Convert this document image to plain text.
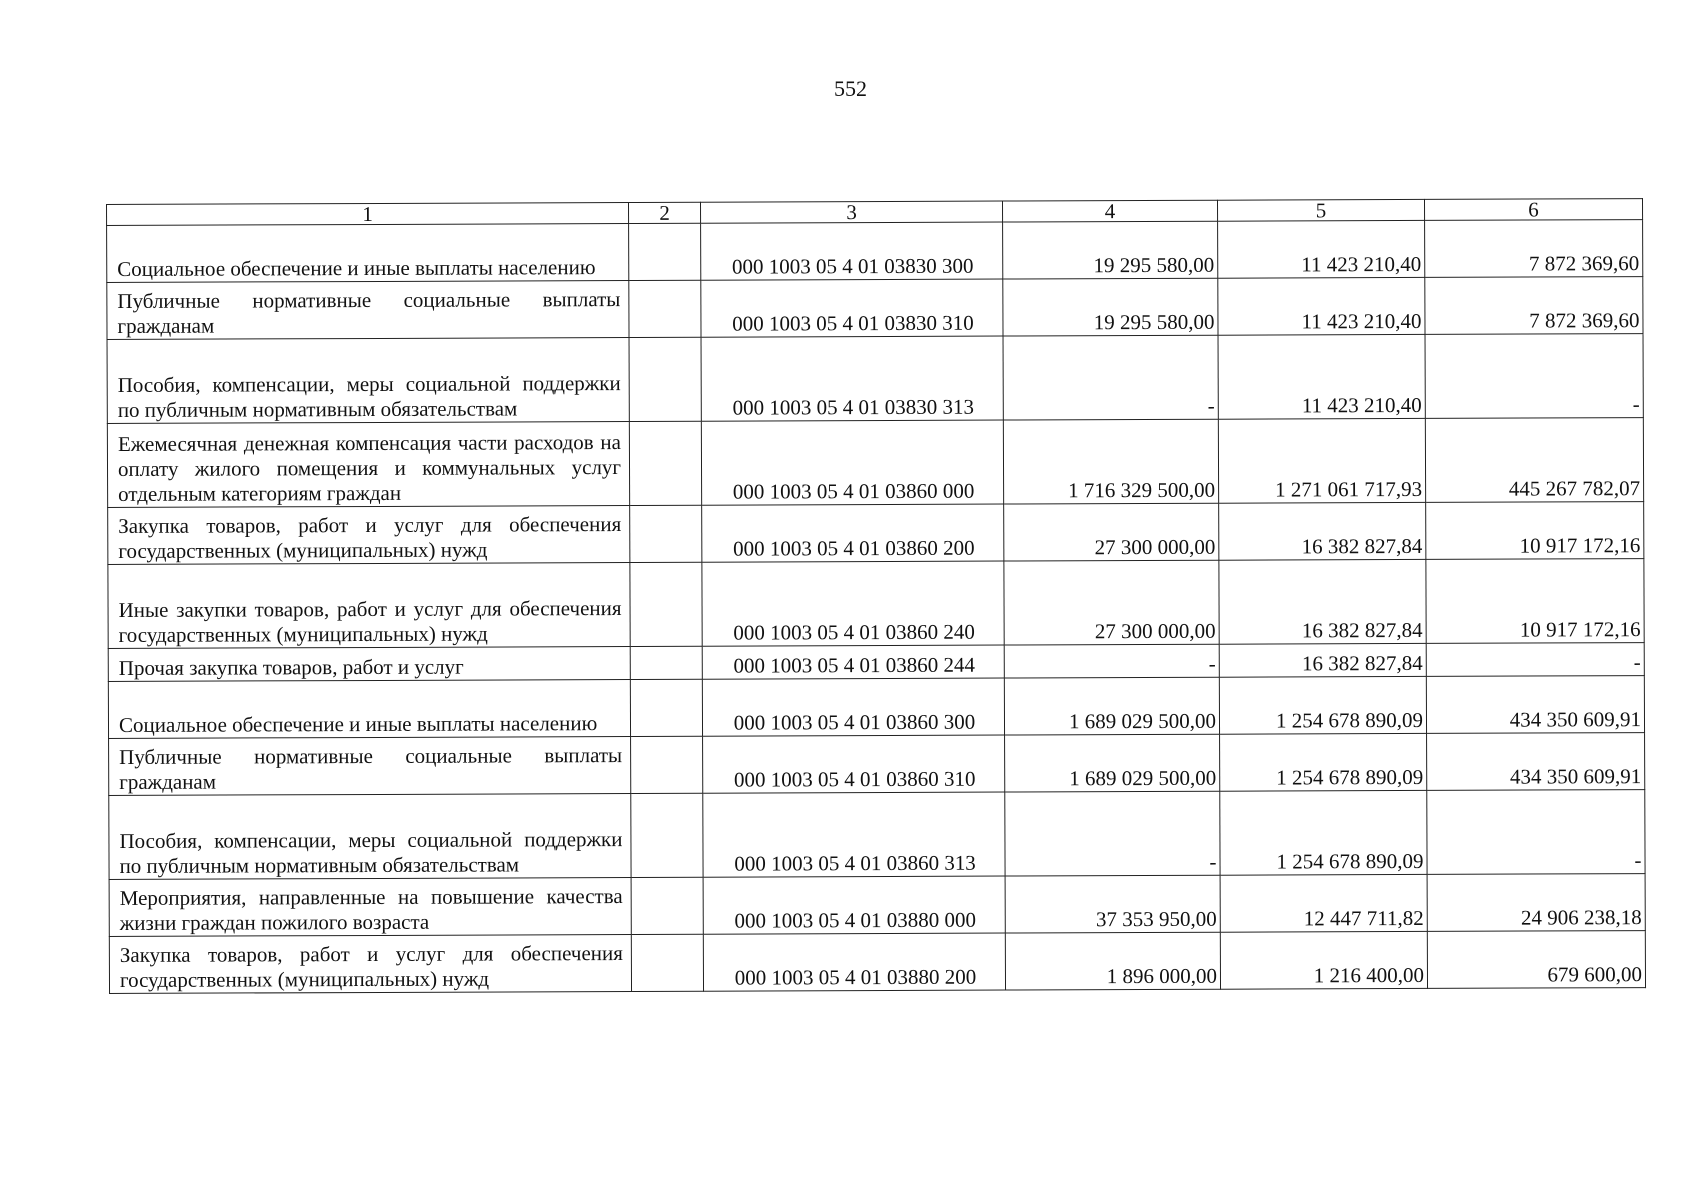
552
1	2	3	4	5	6
Социальное обеспечение и иные выплаты населению		000 1003 05 4 01 03830 300	19 295 580,00	11 423 210,40	7 872 369,60
Публичные нормативные социальные выплаты гражданам		000 1003 05 4 01 03830 310	19 295 580,00	11 423 210,40	7 872 369,60
Пособия, компенсации, меры социальной поддержки по публичным нормативным обязательствам		000 1003 05 4 01 03830 313	-	11 423 210,40	-
Ежемесячная денежная компенсация части расходов на оплату жилого помещения и коммунальных услуг отдельным категориям граждан		000 1003 05 4 01 03860 000	1 716 329 500,00	1 271 061 717,93	445 267 782,07
Закупка товаров, работ и услуг для обеспечения государственных (муниципальных) нужд		000 1003 05 4 01 03860 200	27 300 000,00	16 382 827,84	10 917 172,16
Иные закупки товаров, работ и услуг для обеспечения государственных (муниципальных) нужд		000 1003 05 4 01 03860 240	27 300 000,00	16 382 827,84	10 917 172,16
Прочая закупка товаров, работ и услуг		000 1003 05 4 01 03860 244	-	16 382 827,84	-
Социальное обеспечение и иные выплаты населению		000 1003 05 4 01 03860 300	1 689 029 500,00	1 254 678 890,09	434 350 609,91
Публичные нормативные социальные выплаты гражданам		000 1003 05 4 01 03860 310	1 689 029 500,00	1 254 678 890,09	434 350 609,91
Пособия, компенсации, меры социальной поддержки по публичным нормативным обязательствам		000 1003 05 4 01 03860 313	-	1 254 678 890,09	-
Мероприятия, направленные на повышение качества жизни граждан пожилого возраста		000 1003 05 4 01 03880 000	37 353 950,00	12 447 711,82	24 906 238,18
Закупка товаров, работ и услуг для обеспечения государственных (муниципальных) нужд		000 1003 05 4 01 03880 200	1 896 000,00	1 216 400,00	679 600,00
